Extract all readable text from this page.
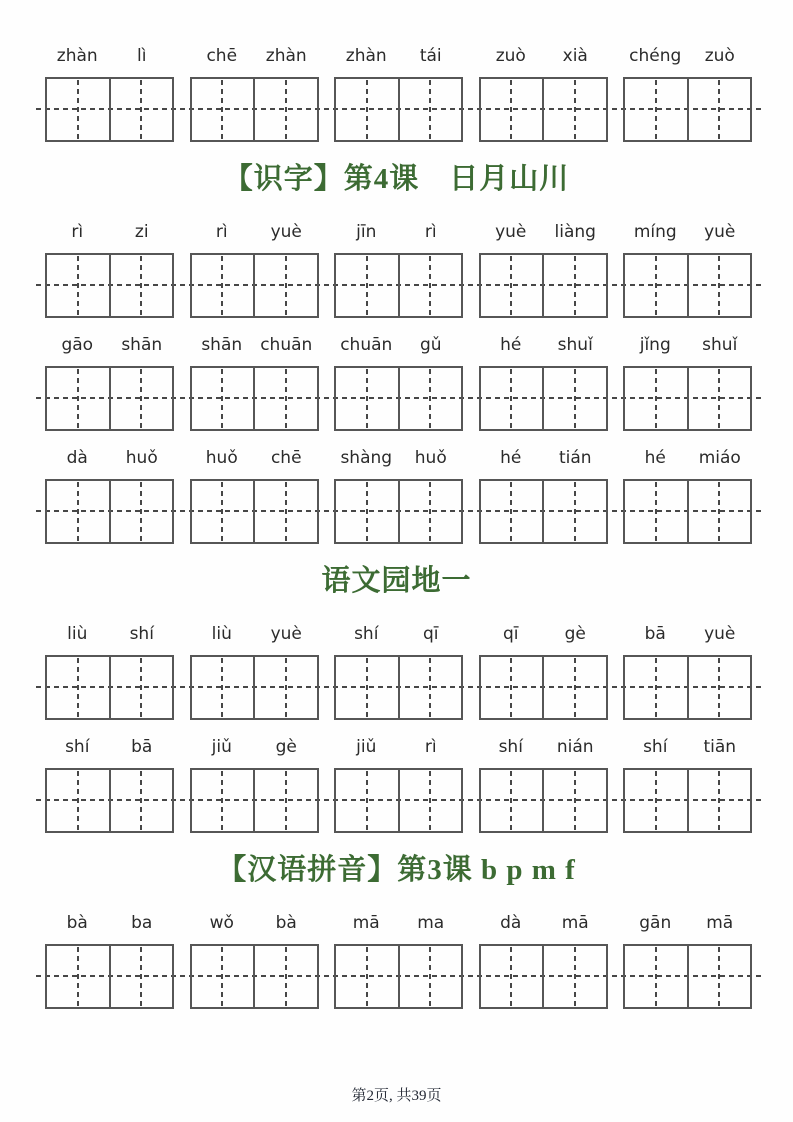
zhàn	lì	chē	zhàn	zhàn	tái	zuò	xià	chéng	zuò
【识字】第4课　日月山川
rì	zi	rì	yuè	jīn	rì	yuè	liàng	míng	yuè
gāo	shān	shān	chuān	chuān	gǔ	hé	shuǐ	jǐng	shuǐ
dà	huǒ	huǒ	chē	shàng	huǒ	hé	tián	hé	miáo
语文园地一
liù	shí	liù	yuè	shí	qī	qī	gè	bā	yuè
shí	bā	jiǔ	gè	jiǔ	rì	shí	nián	shí	tiān
【汉语拼音】第3课 b p m f
bà	ba	wǒ	bà	mā	ma	dà	mā	gān	mā
第2页, 共39页
